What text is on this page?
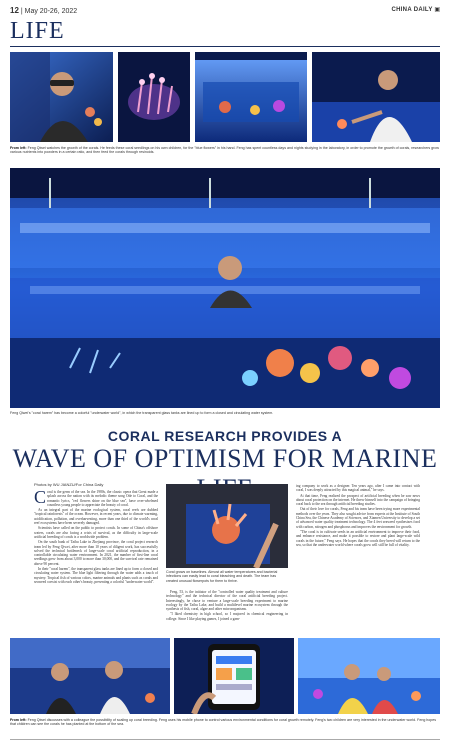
12 | May 20-26, 2022	CHINA DAILY ▣
LIFE
From left: Feng Qiwei watches the growth of the corals. He feeds these coral seedlings on his own children, for the "blue flowers" in his hand. Feng has spent countless days and nights studying in the laboratory, in order to promote the growth of corals, researchers grow various nutrients into powders in a certain ratio, and then feed the corals through resinoids.
Feng Qiwei's "coral harem" has become a colorful "underwater world", in which the transparent glass tanks are lined up to form a closed and circulating water system.
CORAL RESEARCH PROVIDES A
WAVE OF OPTIMISM FOR MARINE
Photos by WU JIANZU/For China Daily
C oral is the germ of the sea. In the 1980s, the classic opera that Great made a splash across the nation with its melodic theme song Ode to Coral, and the romantic lyrics, "red flowers shine on the blue sea", have over-whelmed countless young people to appreciate the beauty of coral.

As an integral part of the marine ecological system, coral reefs are dubbed "tropical rainforests" of the ocean. However, in recent years, due to climate warming, acidification, pollution, and overharvesting, more than one third of the world's coral reef ecosystems have been severely damaged.

Scientists have called on the public to protect corals. In some of China's offshore waters, corals are also facing a crisis of survival, as the difficulty in large-scale artificial breeding of corals is a worldwide problem.

On the south bank of Taihu Lake in Zhejiang province, the coral project research team led by Feng Qiwei, after more than 10 years of diligent work, has successfully solved the technical bottleneck of large-scale coral artificial reproduction, in a controllable circulating water environment. In 2021, the number of first-line coral seedlings grew from about 3,000 to more than 30,000, and the survival rate remained above 90 percent.

In their "coral harem", the transparent glass tanks are lined up to form a closed and circulating water system. The blue light filtering through the water adds a touch of mystery. Tropical fish of various colors, marine animals and plants such as corals and seaweed coexist with each other's beauty, presenting a colorful "underwater world".

Coral grows on baselines. Almost all water temperatures and bacterial infections can easily lead to coral bleaching and death. The team has created unusual flowerpots for them to thrive.

Feng, 53, is the initiator of the "controlled water quality treatment and culture technology" and the technical director of the coral artificial breeding project. Interestingly, he chose to venture a large-scale breeding experiment to marine ecology by the Taihu Lake, and build a multilevel marine ecosystem through the synthesis of fish, coral, algae and other microorganisms.

"I liked chemistry in high school, so I majored in chemical engineering in college. Since I like playing games, I joined a gam-

ing company to work as a designer. Ten years ago, after I came into contact with coral, I was deeply attracted by this magical animal," he says.

At that time, Feng realized the prospect of artificial breeding when he saw news about coral protection on the internet. He threw himself into the campaign of bringing coral back to the sea through artificial breeding studies.

Out of their love for corals, Feng and his team have been trying more experimental methods over the years. They also sought advice from experts at the Institute of South China Sea, the Chinese Academy of Sciences, and Xiamen University to develop a set of advanced water quality treatment technology. The 4 feet seaweed synthesizes food with carbon, nitrogen and phosphorus and improves the environment for growth.

"The coral is in cultivate seeds in an artificial environment to improve their food, and enhance resistance, and make it possible to restore and plant large-scale wild corals in the future," Feng says. He hopes that the corals they breed will return to the sea, so that the underwater world where corals grow will still be full of vitality.

From left: Feng Qiwei discusses with a colleague the possibility of scaling up coral breeding. Feng uses his mobile phone to control various environmental conditions for coral growth remotely. Feng's two children are very interested in the underwater world. Feng hopes that children can see the corals he has planted at the bottom of the sea.
